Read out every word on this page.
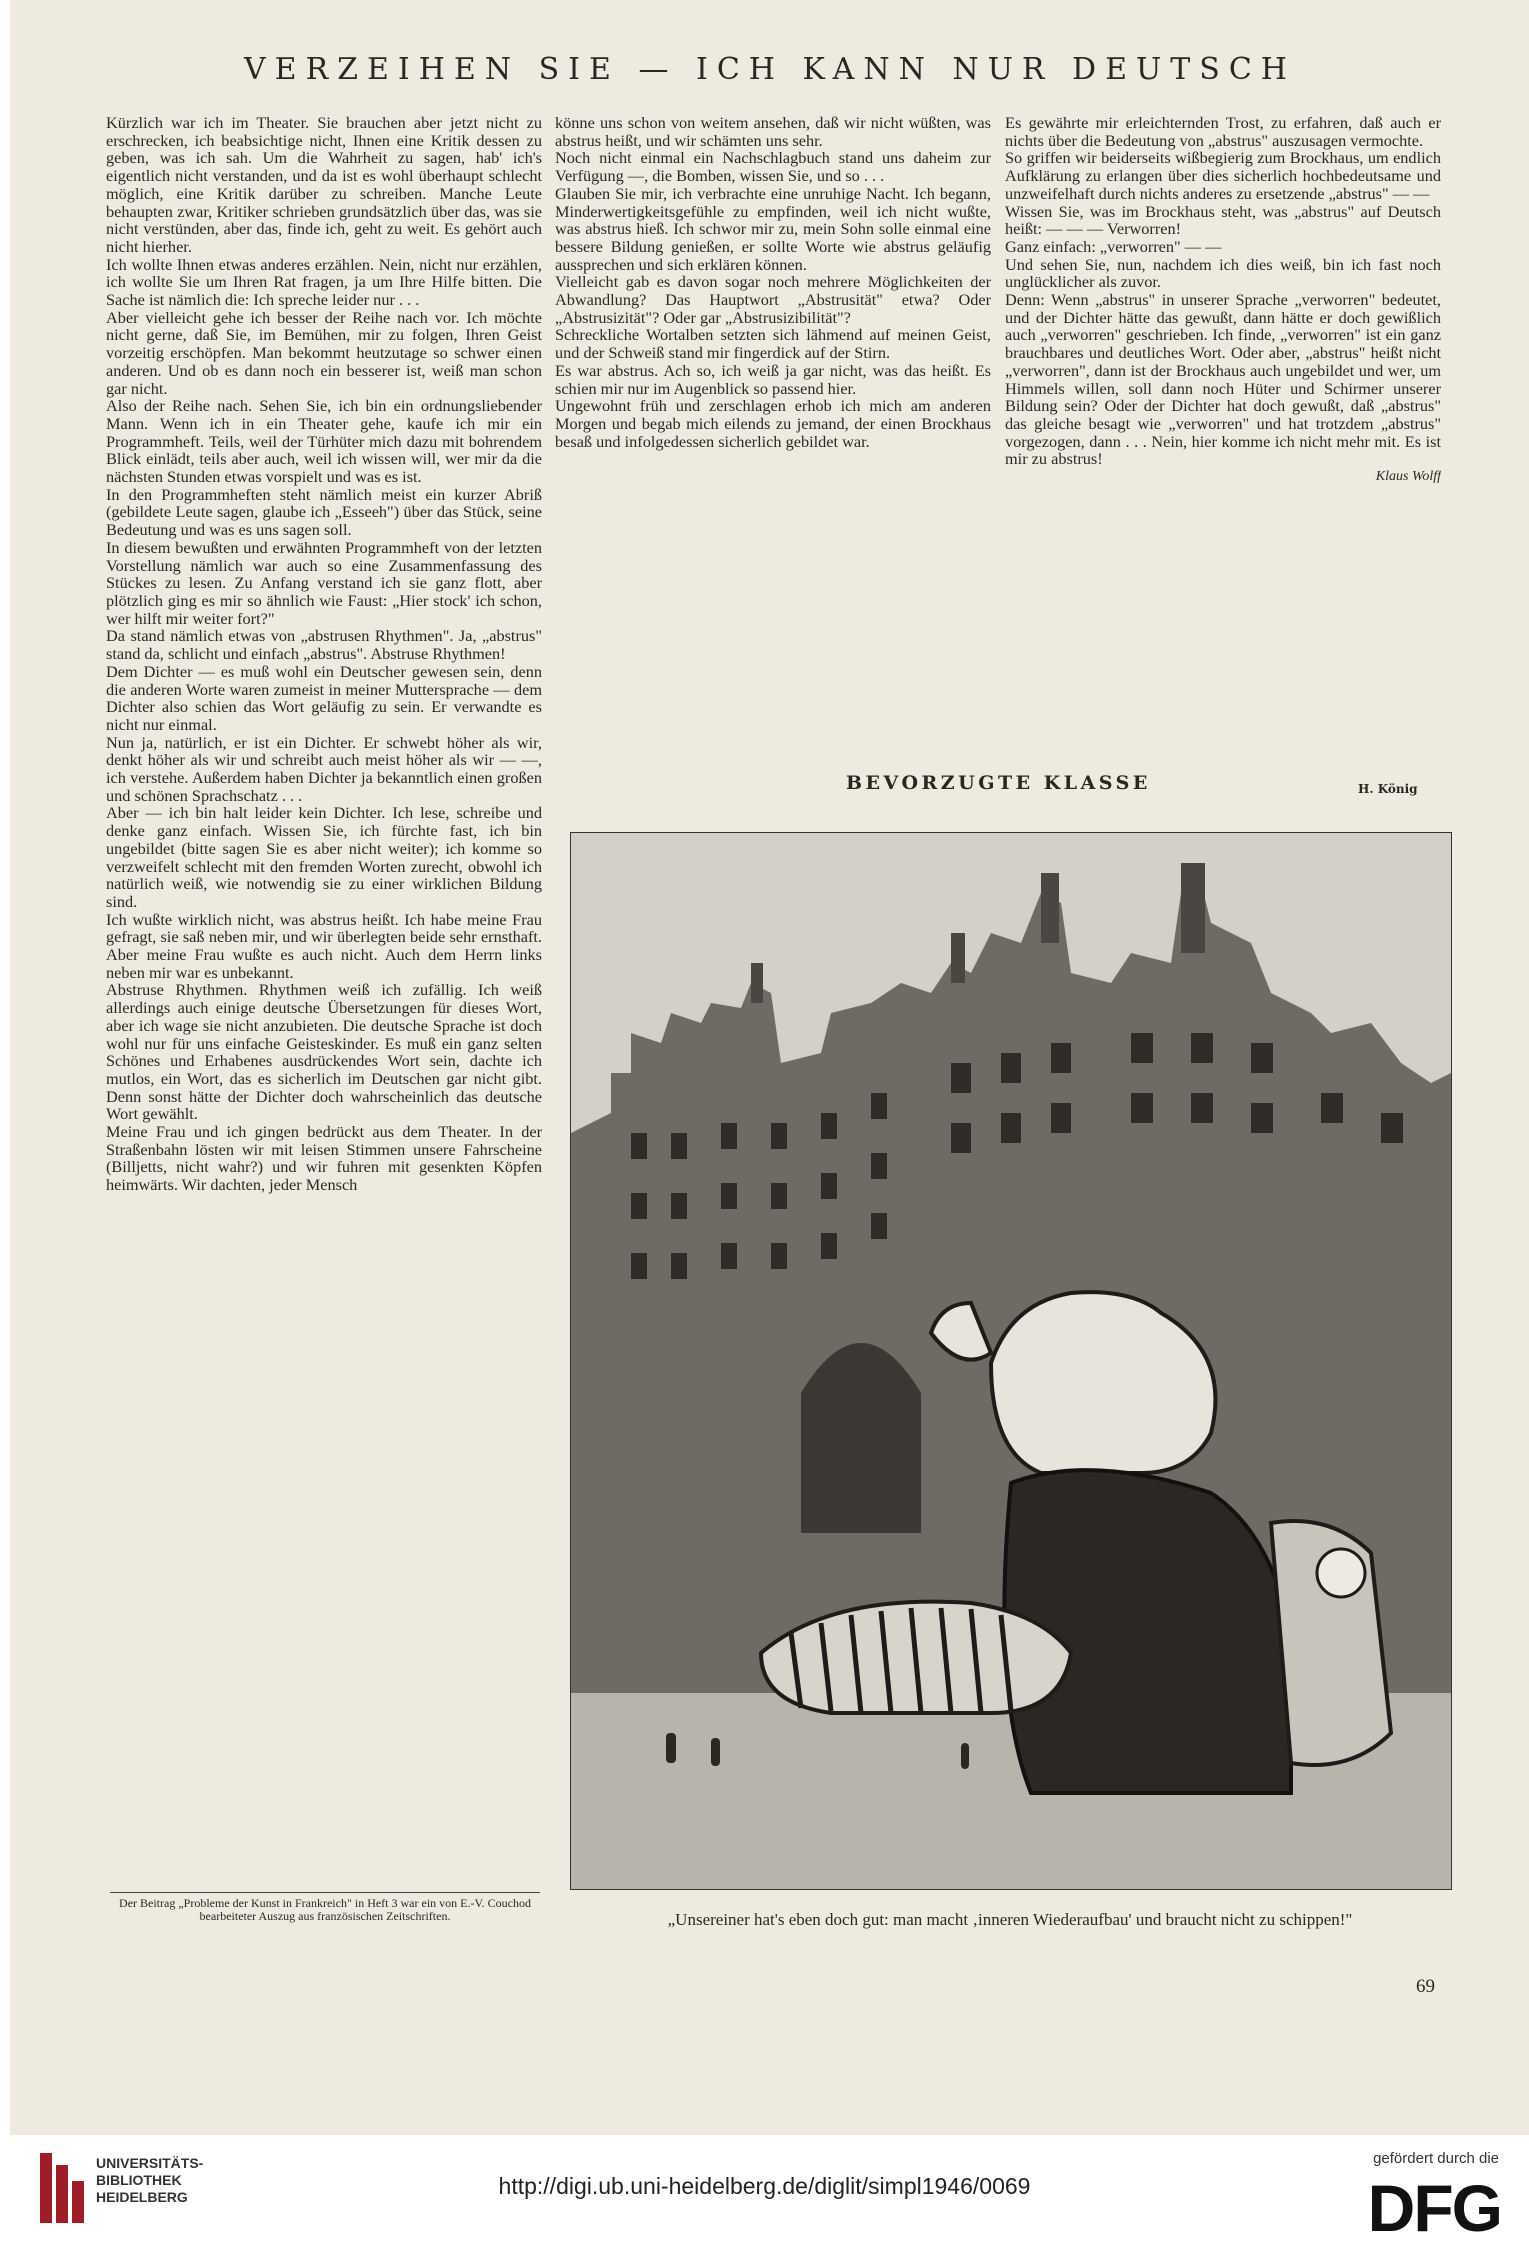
VERZEIHEN SIE — ICH KANN NUR DEUTSCH

Kürzlich war ich im Theater. Sie brauchen aber jetzt nicht zu erschrecken, ich beabsichtige nicht, Ihnen eine Kritik dessen zu geben, was ich sah. Um die Wahrheit zu sagen, hab' ich's eigentlich nicht verstanden, und da ist es wohl überhaupt schlecht möglich, eine Kritik darüber zu schreiben. Manche Leute behaupten zwar, Kritiker schrieben grundsätzlich über das, was sie nicht verstünden, aber das, finde ich, geht zu weit. Es gehört auch nicht hierher.

Ich wollte Ihnen etwas anderes erzählen. Nein, nicht nur erzählen, ich wollte Sie um Ihren Rat fragen, ja um Ihre Hilfe bitten. Die Sache ist nämlich die: Ich spreche leider nur . . .

Aber vielleicht gehe ich besser der Reihe nach vor. Ich möchte nicht gerne, daß Sie, im Bemühen, mir zu folgen, Ihren Geist vorzeitig erschöpfen. Man bekommt heutzutage so schwer einen anderen. Und ob es dann noch ein besserer ist, weiß man schon gar nicht.

Also der Reihe nach. Sehen Sie, ich bin ein ordnungsliebender Mann. Wenn ich in ein Theater gehe, kaufe ich mir ein Programmheft. Teils, weil der Türhüter mich dazu mit bohrendem Blick einlädt, teils aber auch, weil ich wissen will, wer mir da die nächsten Stunden etwas vorspielt und was es ist.

In den Programmheften steht nämlich meist ein kurzer Abriß (gebildete Leute sagen, glaube ich „Esseeh") über das Stück, seine Bedeutung und was es uns sagen soll.

In diesem bewußten und erwähnten Programmheft von der letzten Vorstellung nämlich war auch so eine Zusammenfassung des Stückes zu lesen. Zu Anfang verstand ich sie ganz flott, aber plötzlich ging es mir so ähnlich wie Faust: „Hier stock' ich schon, wer hilft mir weiter fort?"

Da stand nämlich etwas von „abstrusen Rhythmen". Ja, „abstrus" stand da, schlicht und einfach „abstrus". Abstruse Rhythmen!

Dem Dichter — es muß wohl ein Deutscher gewesen sein, denn die anderen Worte waren zumeist in meiner Muttersprache — dem Dichter also schien das Wort geläufig zu sein. Er verwandte es nicht nur einmal.

Nun ja, natürlich, er ist ein Dichter. Er schwebt höher als wir, denkt höher als wir und schreibt auch meist höher als wir — —, ich verstehe. Außerdem haben Dichter ja bekanntlich einen großen und schönen Sprachschatz . . .

Aber — ich bin halt leider kein Dichter. Ich lese, schreibe und denke ganz einfach. Wissen Sie, ich fürchte fast, ich bin ungebildet (bitte sagen Sie es aber nicht weiter); ich komme so verzweifelt schlecht mit den fremden Worten zurecht, obwohl ich natürlich weiß, wie notwendig sie zu einer wirklichen Bildung sind.

Ich wußte wirklich nicht, was abstrus heißt. Ich habe meine Frau gefragt, sie saß neben mir, und wir überlegten beide sehr ernsthaft. Aber meine Frau wußte es auch nicht. Auch dem Herrn links neben mir war es unbekannt.

Abstruse Rhythmen. Rhythmen weiß ich zufällig. Ich weiß allerdings auch einige deutsche Übersetzungen für dieses Wort, aber ich wage sie nicht anzubieten. Die deutsche Sprache ist doch wohl nur für uns einfache Geisteskinder. Es muß ein ganz selten Schönes und Erhabenes ausdrückendes Wort sein, dachte ich mutlos, ein Wort, das es sicherlich im Deutschen gar nicht gibt. Denn sonst hätte der Dichter doch wahrscheinlich das deutsche Wort gewählt.

Meine Frau und ich gingen bedrückt aus dem Theater. In der Straßenbahn lösten wir mit leisen Stimmen unsere Fahrscheine (Billjetts, nicht wahr?) und wir fuhren mit gesenkten Köpfen heimwärts. Wir dachten, jeder Mensch

könne uns schon von weitem ansehen, daß wir nicht wüßten, was abstrus heißt, und wir schämten uns sehr.

Noch nicht einmal ein Nachschlagbuch stand uns daheim zur Verfügung —, die Bomben, wissen Sie, und so . . .

Glauben Sie mir, ich verbrachte eine unruhige Nacht. Ich begann, Minderwertigkeitsgefühle zu empfinden, weil ich nicht wußte, was abstrus hieß. Ich schwor mir zu, mein Sohn solle einmal eine bessere Bildung genießen, er sollte Worte wie abstrus geläufig aussprechen und sich erklären können.

Vielleicht gab es davon sogar noch mehrere Möglichkeiten der Abwandlung? Das Hauptwort „Abstrusität" etwa? Oder „Abstrusizität"? Oder gar „Abstrusizibilität"?

Schreckliche Wortalben setzten sich lähmend auf meinen Geist, und der Schweiß stand mir fingerdick auf der Stirn.

Es war abstrus. Ach so, ich weiß ja gar nicht, was das heißt. Es schien mir nur im Augenblick so passend hier.

Ungewohnt früh und zerschlagen erhob ich mich am anderen Morgen und begab mich eilends zu jemand, der einen Brockhaus besaß und infolgedessen sicherlich gebildet war.

Es gewährte mir erleichternden Trost, zu erfahren, daß auch er nichts über die Bedeutung von „abstrus" auszusagen vermochte.

So griffen wir beiderseits wißbegierig zum Brockhaus, um endlich Aufklärung zu erlangen über dies sicherlich hochbedeutsame und unzweifelhaft durch nichts anderes zu ersetzende „abstrus" — —

Wissen Sie, was im Brockhaus steht, was „abstrus" auf Deutsch heißt: — — — Verworren!

Ganz einfach: „verworren" — —

Und sehen Sie, nun, nachdem ich dies weiß, bin ich fast noch unglücklicher als zuvor.

Denn: Wenn „abstrus" in unserer Sprache „verworren" bedeutet, und der Dichter hätte das gewußt, dann hätte er doch gewißlich auch „verworren" geschrieben. Ich finde, „verworren" ist ein ganz brauchbares und deutliches Wort. Oder aber, „abstrus" heißt nicht „verworren", dann ist der Brockhaus auch ungebildet und wer, um Himmels willen, soll dann noch Hüter und Schirmer unserer Bildung sein? Oder der Dichter hat doch gewußt, daß „abstrus" das gleiche besagt wie „verworren" und hat trotzdem „abstrus" vorgezogen, dann . . . Nein, hier komme ich nicht mehr mit. Es ist mir zu abstrus!

Klaus Wolff

BEVORZUGTE KLASSE	H. König
„Unsereiner hat's eben doch gut: man macht ‚inneren Wiederaufbau' und braucht nicht zu schippen!"
Der Beitrag „Probleme der Kunst in Frankreich" in Heft 3 war ein von E.-V. Couchod bearbeiteter Auszug aus französischen Zeitschriften.
69
UNIVERSITÄTS-
BIBLIOTHEK
HEIDELBERG	http://digi.ub.uni-heidelberg.de/diglit/simpl1946/0069
gefördert durch die
DFG
